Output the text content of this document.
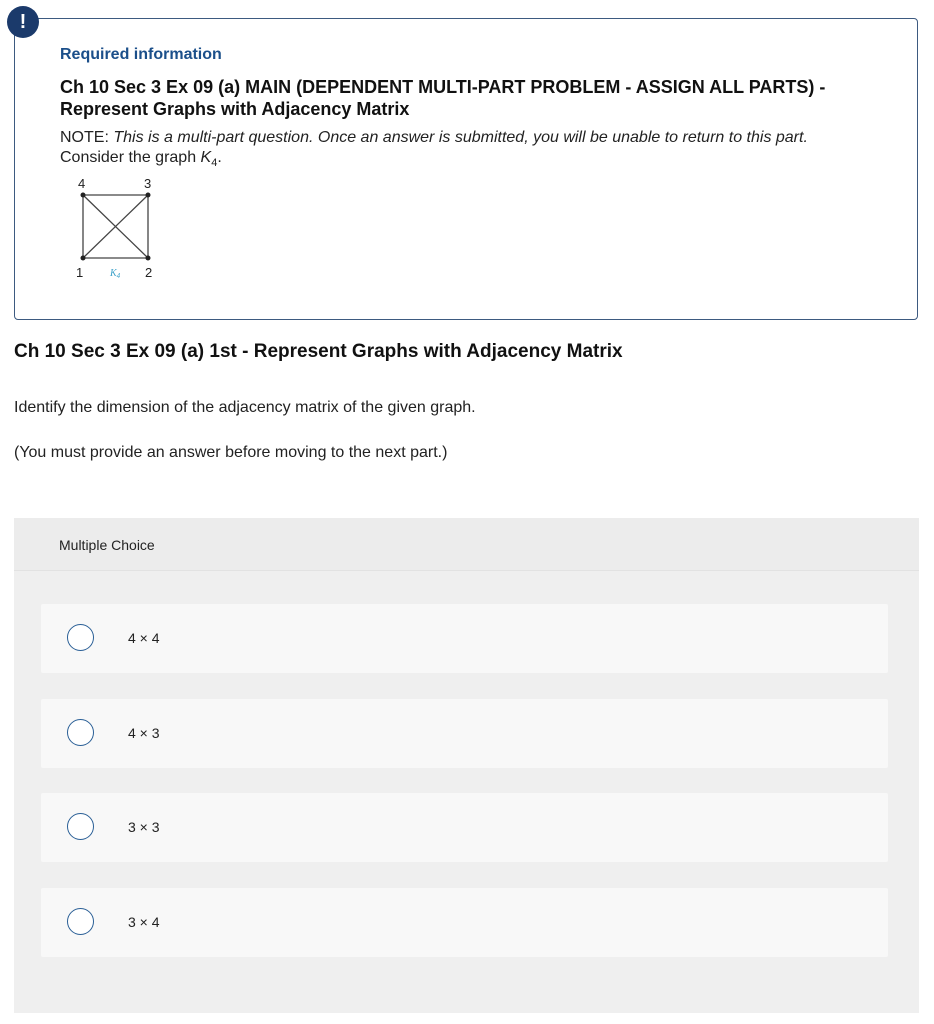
!
Required information
Ch 10 Sec 3 Ex 09 (a) MAIN (DEPENDENT MULTI-PART PROBLEM - ASSIGN ALL PARTS) - Represent Graphs with Adjacency Matrix
NOTE: This is a multi-part question. Once an answer is submitted, you will be unable to return to this part.
Consider the graph $K_4$.
4	3
1	2
$K_4$
Ch 10 Sec 3 Ex 09 (a) 1st - Represent Graphs with Adjacency Matrix
Identify the dimension of the adjacency matrix of the given graph.
(You must provide an answer before moving to the next part.)
Multiple Choice
4 × 4
4 × 3
3 × 3
3 × 4
